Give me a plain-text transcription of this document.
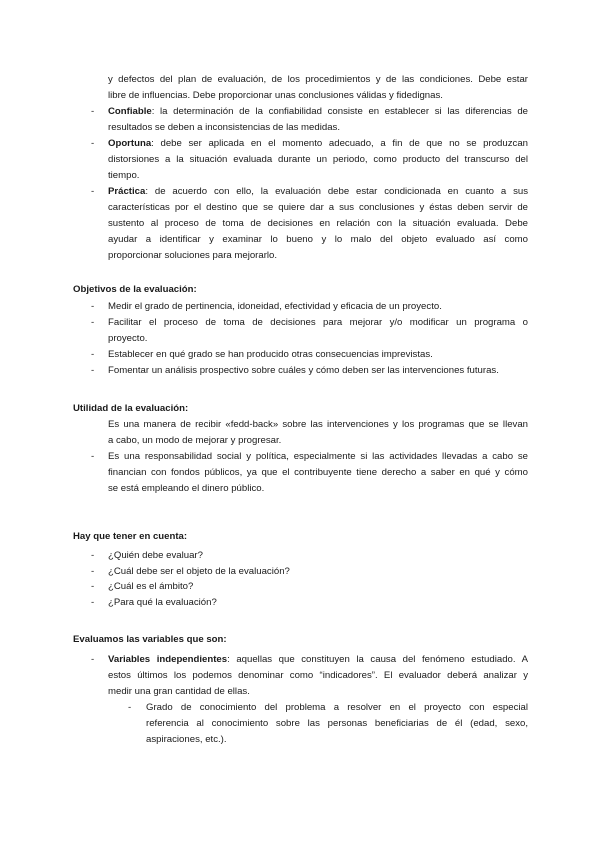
y defectos del plan de evaluación, de los procedimientos y de las condiciones. Debe estar
libre de influencias. Debe proporcionar unas conclusiones válidas y fidedignas.
- Confiable: la determinación de la confiabilidad consiste en establecer si las diferencias de
resultados se deben a inconsistencias de las medidas.
- Oportuna: debe ser aplicada en el momento adecuado, a fin de que no se produzcan
distorsiones a la situación evaluada durante un periodo, como producto del transcurso del
tiempo.
- Práctica: de acuerdo con ello, la evaluación debe estar condicionada en cuanto a sus
características por el destino que se quiere dar a sus conclusiones y éstas deben servir de
sustento al proceso de toma de decisiones en relación con la situación evaluada. Debe
ayudar a identificar y examinar lo bueno y lo malo del objeto evaluado así como
proporcionar soluciones para mejorarlo.
Objetivos de la evaluación:
- Medir el grado de pertinencia, idoneidad, efectividad y eficacia de un proyecto.
- Facilitar el proceso de toma de decisiones para mejorar y/o modificar un programa o
proyecto.
- Establecer en qué grado se han producido otras consecuencias imprevistas.
- Fomentar un análisis prospectivo sobre cuáles y cómo deben ser las intervenciones futuras.
Utilidad de la evaluación:
Es una manera de recibir «fedd-back» sobre las intervenciones y los programas que se llevan
a cabo, un modo de mejorar y progresar.
- Es una responsabilidad social y política, especialmente si las actividades llevadas a cabo se
financian con fondos públicos, ya que el contribuyente tiene derecho a saber en qué y cómo
se está empleando el dinero público.
Hay que tener en cuenta:
- ¿Quién debe evaluar?
- ¿Cuál debe ser el objeto de la evaluación?
- ¿Cuál es el ámbito?
- ¿Para qué la evaluación?
Evaluamos las variables que son:
- Variables independientes: aquellas que constituyen la causa del fenómeno estudiado. A
estos últimos los podemos denominar como “indicadores”. El evaluador deberá analizar y
medir una gran cantidad de ellas.
- Grado de conocimiento del problema a resolver en el proyecto con especial
referencia al conocimiento sobre las personas beneficiarias de él (edad, sexo,
aspiraciones, etc.).
